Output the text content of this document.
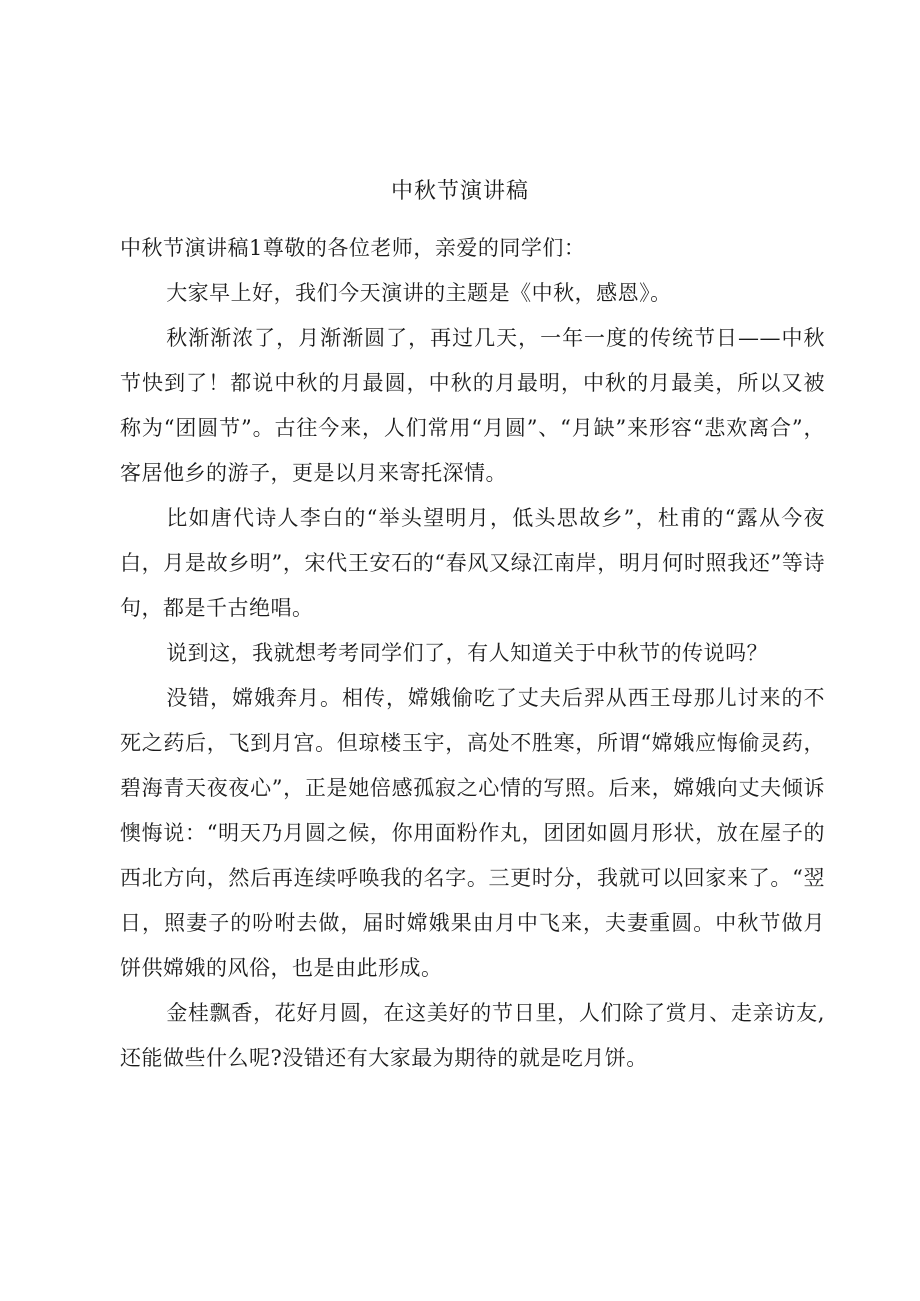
中秋节演讲稿

中秋节演讲稿1尊敬的各位老师，亲爱的同学们：

大家早上好，我们今天演讲的主题是《中秋，感恩》。

秋渐渐浓了，月渐渐圆了，再过几天，一年一度的传统节日——中秋节快到了！都说中秋的月最圆，中秋的月最明，中秋的月最美，所以又被称为“团圆节”。古往今来，人们常用“月圆”、“月缺”来形容“悲欢离合”，客居他乡的游子，更是以月来寄托深情。

比如唐代诗人李白的“举头望明月，低头思故乡”，杜甫的“露从今夜白，月是故乡明”，宋代王安石的“春风又绿江南岸，明月何时照我还”等诗句，都是千古绝唱。

说到这，我就想考考同学们了，有人知道关于中秋节的传说吗？

没错，嫦娥奔月。相传，嫦娥偷吃了丈夫后羿从西王母那儿讨来的不死之药后，飞到月宫。但琼楼玉宇，高处不胜寒，所谓“嫦娥应悔偷灵药，碧海青天夜夜心”，正是她倍感孤寂之心情的写照。后来，嫦娥向丈夫倾诉懊悔说：“明天乃月圆之候，你用面粉作丸，团团如圆月形状，放在屋子的西北方向，然后再连续呼唤我的名字。三更时分，我就可以回家来了。“翌日，照妻子的吩咐去做，届时嫦娥果由月中飞来，夫妻重圆。中秋节做月饼供嫦娥的风俗，也是由此形成。

金桂飘香，花好月圆，在这美好的节日里，人们除了赏月、走亲访友,还能做些什么呢?没错还有大家最为期待的就是吃月饼。
